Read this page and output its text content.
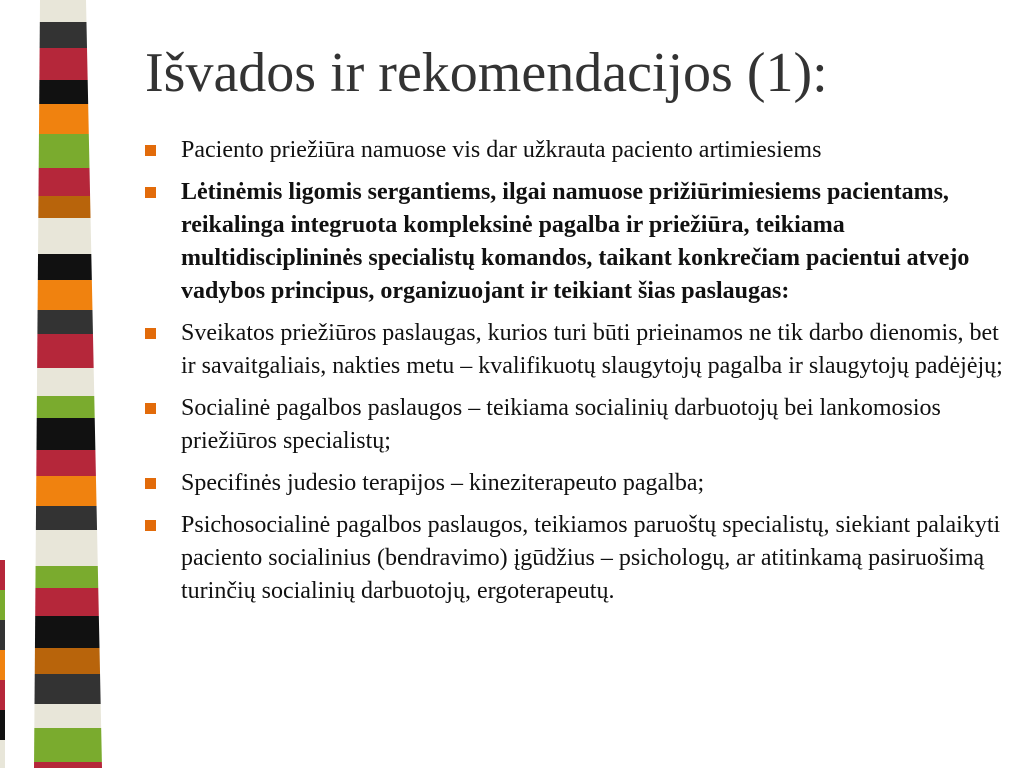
Išvados ir rekomendacijos (1):
Paciento priežiūra namuose vis dar užkrauta paciento artimiesiems
Lėtinėmis ligomis sergantiems, ilgai namuose prižiūrimiesiems pacientams, reikalinga integruota kompleksinė pagalba ir priežiūra, teikiama multidisciplininės specialistų komandos, taikant konkrečiam pacientui atvejo vadybos principus, organizuojant ir teikiant šias paslaugas:
Sveikatos priežiūros paslaugas, kurios turi būti prieinamos ne tik darbo dienomis, bet ir savaitgaliais, nakties metu – kvalifikuotų slaugytojų pagalba ir slaugytojų padėjėjų;
Socialinė pagalbos paslaugos – teikiama socialinių darbuotojų bei lankomosios priežiūros specialistų;
Specifinės judesio terapijos – kineziterapeuto pagalba;
Psichosocialinė pagalbos paslaugos, teikiamos paruoštų specialistų, siekiant palaikyti paciento socialinius (bendravimo) įgūdžius – psichologų, ar atitinkamą pasiruošimą turinčių socialinių darbuotojų, ergoterapeutų.
